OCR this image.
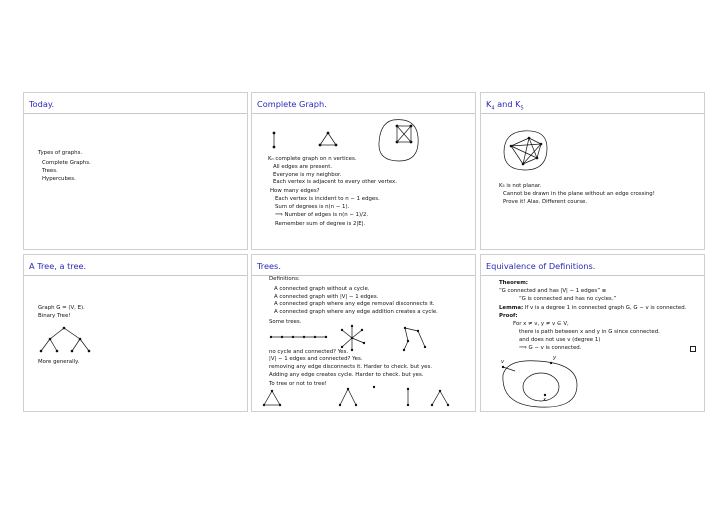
Today.
Types of graphs.
Complete Graphs.
Trees.
Hypercubes.
Complete Graph.
Kₙ complete graph on n vertices.
All edges are present.
Everyone is my neighbor.
Each vertex is adjacent to every other vertex.
How many edges?
Each vertex is incident to n − 1 edges.
Sum of degrees is n(n − 1).
⟹ Number of edges is n(n − 1)/2.
Remember sum of degree is 2|E|.
$K_4$ and $K_5$
K₅ is not planar.
Cannot be drawn in the plane without an edge crossing!
Prove it! Alas. Different course.
A Tree, a tree.
Graph G = (V, E).
Binary Tree!
More generally.
Trees.
Definitions:
A connected graph without a cycle.
A connected graph with |V| − 1 edges.
A connected graph where any edge removal disconnects it.
A connected graph where any edge addition creates a cycle.
Some trees.
no cycle and connected? Yes.
|V| − 1 edges and connected? Yes.
removing any edge disconnects it. Harder to check. but yes.
Adding any edge creates cycle. Harder to check. but yes.
To tree or not to tree!
Equivalence of Definitions.
Theorem:
“G connected and has |V| − 1 edges” ≡
“G is connected and has no cycles.”
Lemma: If v is a degree 1 in connected graph G, G − v is connected.
Proof:
For x ≠ v, y ≠ v ∈ V,
there is path between x and y in G since connected.
and does not use v (degree 1)
⟹ G − v is connected.
v
y
x
